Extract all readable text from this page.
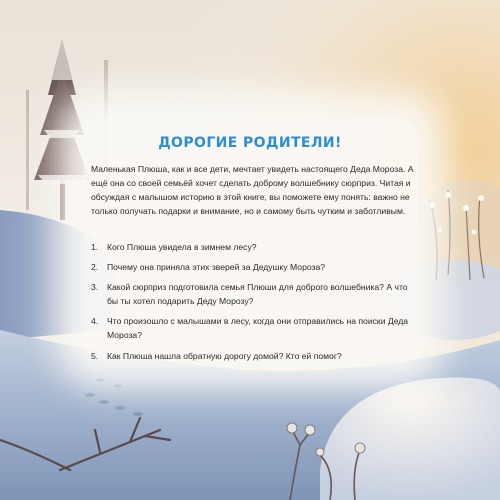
ДОРОГИЕ РОДИТЕЛИ!

Маленькая Плюша, как и все дети, мечтает увидеть настоящего Деда Мороза. А ещё она со своей семьёй хочет сделать доброму волшебнику сюрприз. Читая и обсуждая с малышом историю в этой книге, вы поможете ему понять: важно не только получать подарки и внимание, но и самому быть чутким и заботливым.

1.	Кого Плюша увидела в зимнем лесу?
2.	Почему она приняла этих зверей за Дедушку Мороза?
3.	Какой сюрприз подготовила семья Плюши для доброго волшебника? А что бы ты хотел подарить Деду Морозу?
4.	Что произошло с малышами в лесу, когда они отправились на поиски Деда Мороза?
5.	Как Плюша нашла обратную дорогу домой? Кто ей помог?
